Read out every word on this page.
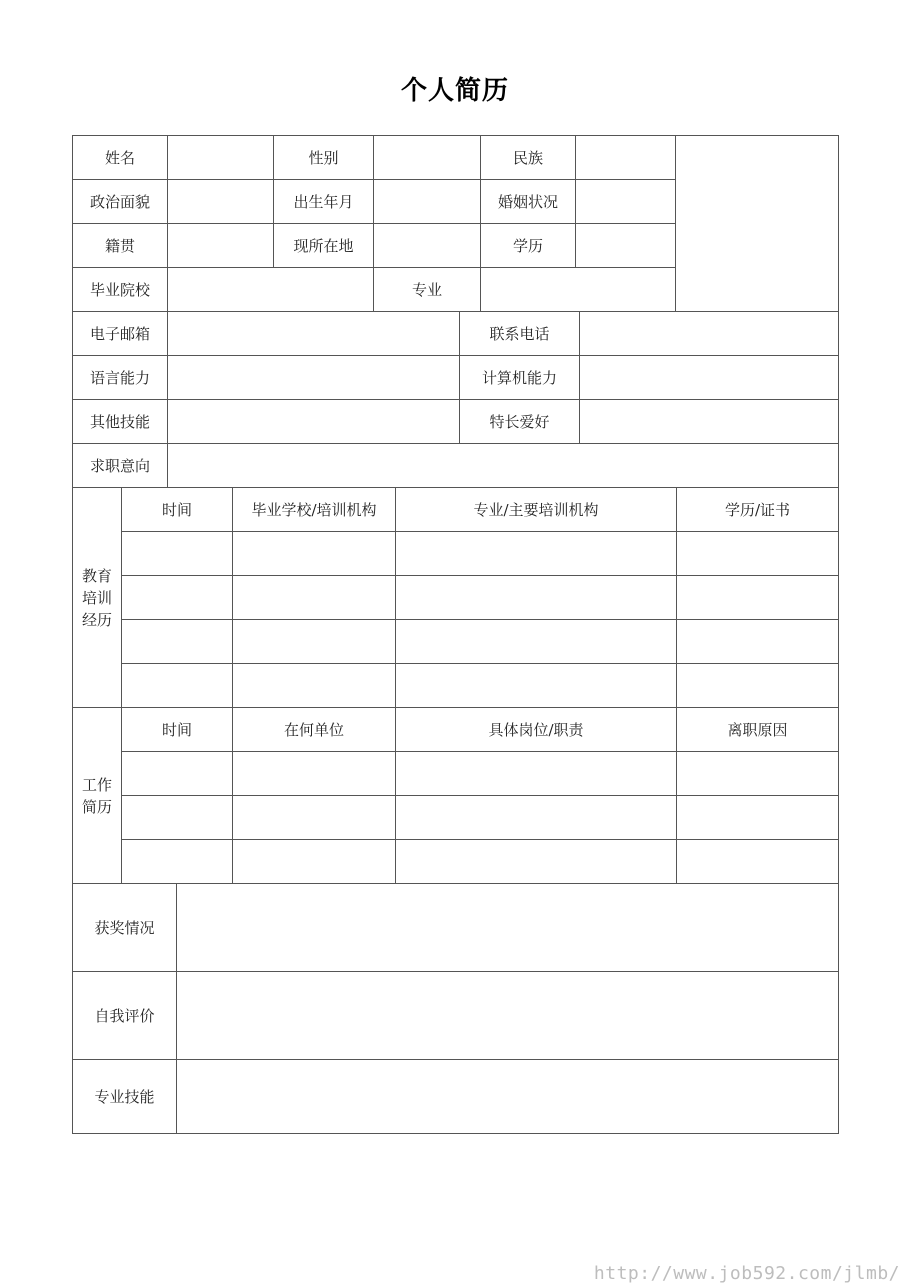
个人简历
姓名		性别		民族		
政治面貌		出生年月		婚姻状况		
籍贯		现所在地		学历		
毕业院校			专业			
电子邮箱		联系电话	
语言能力		计算机能力	
其他技能		特长爱好	
求职意向			
教育
培训
经历	时间	毕业学校/培训机构	专业/主要培训机构	学历/证书

工作
简历	时间	在何单位	具体岗位/职责	离职原因

获奖情况	
自我评价	
专业技能	
http://www.job592.com/jlmb/
